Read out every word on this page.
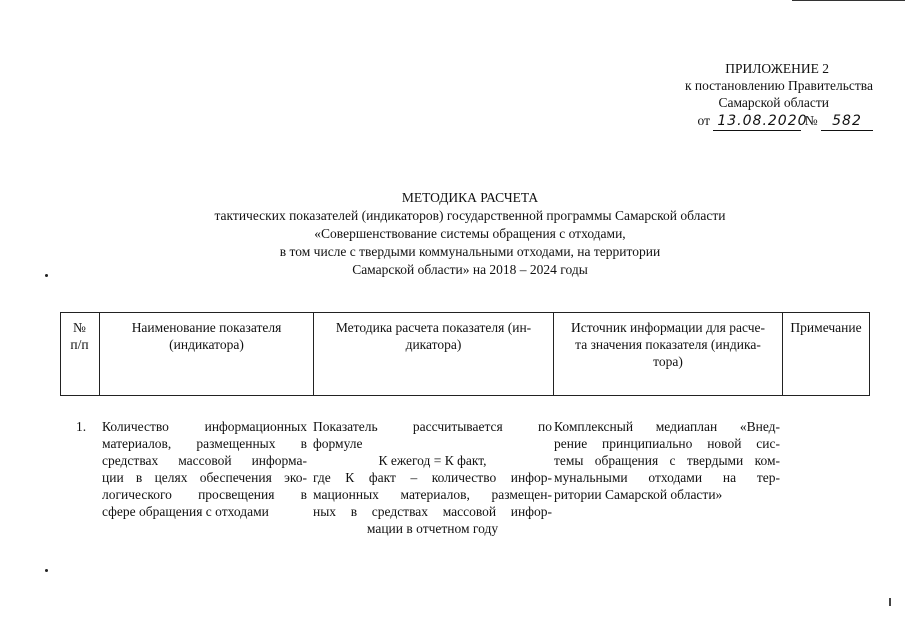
ПРИЛОЖЕНИЕ 2
к постановлению Правительства
Самарской области
от 13.08.2020 № 582
МЕТОДИКА РАСЧЕТА
тактических показателей (индикаторов) государственной программы Самарской области
«Совершенствование системы обращения с отходами,
в том числе с твердыми коммунальными отходами, на территории
Самарской области» на 2018 – 2024 годы
№
п/п
Наименование показателя
(индикатора)
Методика расчета показателя (ин-
дикатора)
Источник информации для расче-
та значения показателя (индика-
тора)
Примечание
1. Количество информационных
материалов, размещенных в
средствах массовой информа-
ции в целях обеспечения эко-
логического просвещения в
сфере обращения с отходами
Показатель рассчитывается по
формуле
К ежегод = К факт,
где К факт – количество инфор-
мационных материалов, размещен-
ных в средствах массовой инфор-
мации в отчетном году
Комплексный медиаплан «Внед-
рение принципиально новой сис-
темы обращения с твердыми ком-
мунальными отходами на тер-
ритории Самарской области»
